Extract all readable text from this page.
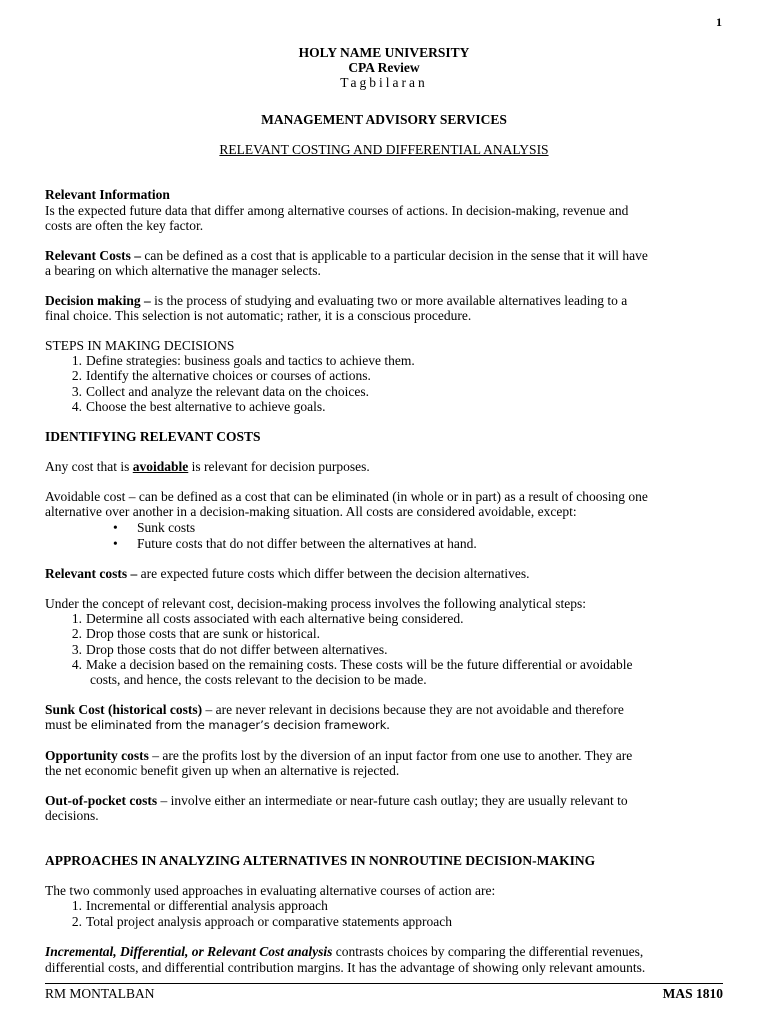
1
HOLY NAME UNIVERSITY
CPA Review
Tagbilaran
MANAGEMENT ADVISORY SERVICES
RELEVANT COSTING AND DIFFERENTIAL ANALYSIS
Relevant Information
Is the expected future data that differ among alternative courses of actions. In decision-making, revenue and
costs are often the key factor.
Relevant Costs – can be defined as a cost that is applicable to a particular decision in the sense that it will have
a bearing on which alternative the manager selects.
Decision making – is the process of studying and evaluating two or more available alternatives leading to a
final choice. This selection is not automatic; rather, it is a conscious procedure.
STEPS IN MAKING DECISIONS
1. Define strategies: business goals and tactics to achieve them.
2. Identify the alternative choices or courses of actions.
3. Collect and analyze the relevant data on the choices.
4. Choose the best alternative to achieve goals.
IDENTIFYING RELEVANT COSTS
Any cost that is avoidable is relevant for decision purposes.
Avoidable cost – can be defined as a cost that can be eliminated (in whole or in part) as a result of choosing one
alternative over another in a decision-making situation. All costs are considered avoidable, except:
• Sunk costs
• Future costs that do not differ between the alternatives at hand.
Relevant costs – are expected future costs which differ between the decision alternatives.
Under the concept of relevant cost, decision-making process involves the following analytical steps:
1. Determine all costs associated with each alternative being considered.
2. Drop those costs that are sunk or historical.
3. Drop those costs that do not differ between alternatives.
4. Make a decision based on the remaining costs. These costs will be the future differential or avoidable
costs, and hence, the costs relevant to the decision to be made.
Sunk Cost (historical costs) – are never relevant in decisions because they are not avoidable and therefore
must be eliminated from the manager’s decision framework.
Opportunity costs – are the profits lost by the diversion of an input factor from one use to another. They are
the net economic benefit given up when an alternative is rejected.
Out-of-pocket costs – involve either an intermediate or near-future cash outlay; they are usually relevant to
decisions.
APPROACHES IN ANALYZING ALTERNATIVES IN NONROUTINE DECISION-MAKING
The two commonly used approaches in evaluating alternative courses of action are:
1. Incremental or differential analysis approach
2. Total project analysis approach or comparative statements approach
Incremental, Differential, or Relevant Cost analysis contrasts choices by comparing the differential revenues,
differential costs, and differential contribution margins. It has the advantage of showing only relevant amounts.
RM MONTALBAN	MAS 1810
